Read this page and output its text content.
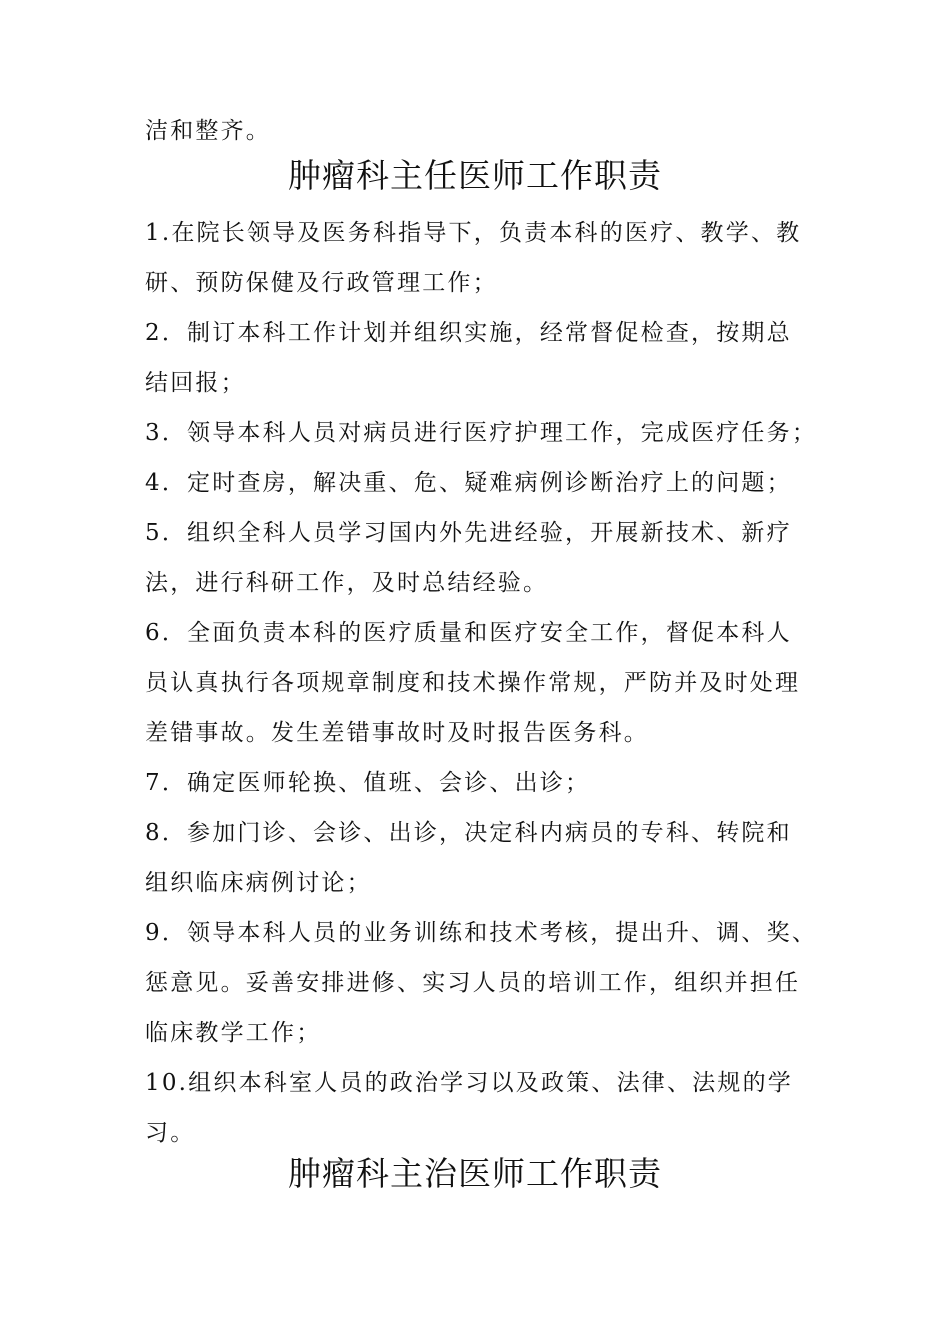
洁和整齐。
肿瘤科主任医师工作职责
1.在院长领导及医务科指导下，负责本科的医疗、教学、教
研、预防保健及行政管理工作；
2．制订本科工作计划并组织实施，经常督促检查，按期总
结回报；
3．领导本科人员对病员进行医疗护理工作，完成医疗任务；
4．定时查房，解决重、危、疑难病例诊断治疗上的问题；
5．组织全科人员学习国内外先进经验，开展新技术、新疗
法，进行科研工作，及时总结经验。
6．全面负责本科的医疗质量和医疗安全工作，督促本科人
员认真执行各项规章制度和技术操作常规，严防并及时处理
差错事故。发生差错事故时及时报告医务科。
7．确定医师轮换、值班、会诊、出诊；
8．参加门诊、会诊、出诊，决定科内病员的专科、转院和
组织临床病例讨论；
9．领导本科人员的业务训练和技术考核，提出升、调、奖、
惩意见。妥善安排进修、实习人员的培训工作，组织并担任
临床教学工作；
10.组织本科室人员的政治学习以及政策、法律、法规的学
习。
肿瘤科主治医师工作职责
